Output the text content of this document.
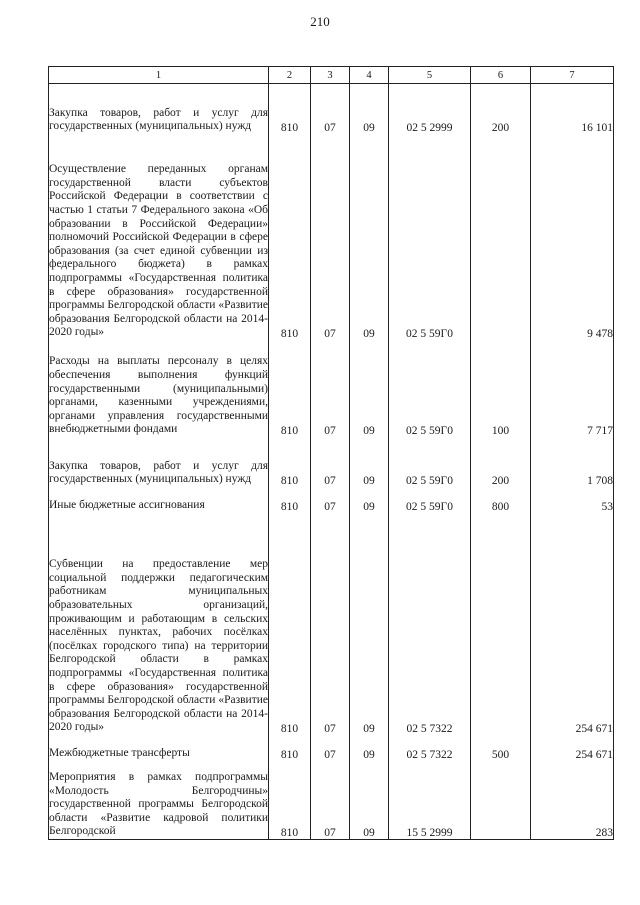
210
1	2	3	4	5	6	7
Закупка товаров, работ и услуг для государственных (муниципальных) нужд	810	07	09	02 5 2999	200	16 101
Осуществление переданных органам государственной власти субъектов Российской Федерации в соответствии с частью 1 статьи 7 Федерального закона «Об образовании в Российской Федерации» полномочий Российской Федерации в сфере образования (за счет единой субвенции из федерального бюджета) в рамках подпрограммы «Государственная политика в сфере образования» государственной программы Белгородской области «Развитие образования Белгородской области на 2014-2020 годы»	810	07	09	02 5 59Г0		9 478
Расходы на выплаты персоналу в целях обеспечения выполнения функций государственными (муниципальными) органами, казенными учреждениями, органами управления государственными внебюджетными фондами	810	07	09	02 5 59Г0	100	7 717
Закупка товаров, работ и услуг для государственных (муниципальных) нужд	810	07	09	02 5 59Г0	200	1 708
Иные бюджетные ассигнования	810	07	09	02 5 59Г0	800	53
Субвенции на предоставление мер социальной поддержки педагогическим работникам муниципальных образовательных организаций, проживающим и работающим в сельских населённых пунктах, рабочих посёлках (посёлках городского типа) на территории Белгородской области в рамках подпрограммы «Государственная политика в сфере образования» государственной программы Белгородской области «Развитие образования Белгородской области на 2014-2020 годы»	810	07	09	02 5 7322		254 671
Межбюджетные трансферты	810	07	09	02 5 7322	500	254 671
Мероприятия в рамках подпрограммы «Молодость Белгородчины» государственной программы Белгородской области «Развитие кадровой политики Белгородской	810	07	09	15 5 2999		283
